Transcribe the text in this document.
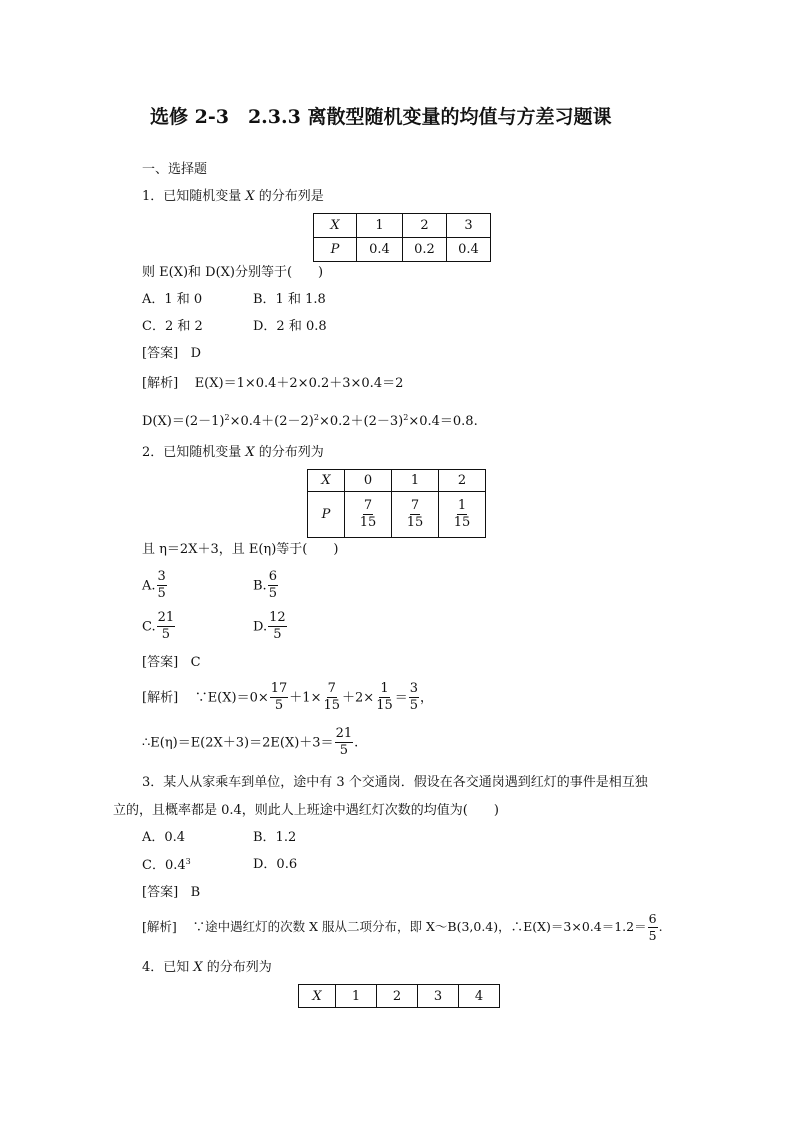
选修 2-3　2.3.3 离散型随机变量的均值与方差习题课
一、选择题
1．已知随机变量 X 的分布列是
X	1	2	3
P	0.4	0.2	0.4
则 E(X)和 D(X)分别等于(　　)
A．1 和 0	B．1 和 1.8
C．2 和 2	D．2 和 0.8
[答案] D
[解析] E(X)＝1×0.4＋2×0.2＋3×0.4＝2
$D(X)=(2-1)^2\times 0.4+(2-2)^2\times 0.2+(2-3)^2\times 0.4=0.8$.
2．已知随机变量 X 的分布列为
X	0	1	2
P	$\frac{7}{15}$	$\frac{7}{15}$	$\frac{1}{15}$
且 η＝2X＋3，且 E(η)等于(　　)
A. $\frac{3}{5}$	B. $\frac{6}{5}$
C. $\frac{21}{5}$	D. $\frac{12}{5}$
[答案] C
[解析] ∵E(X)＝0× $\frac{17}{5} +1\times \frac{7}{15} +2\times \frac{1}{15} = \frac{3}{5}$ ，
∴E(η)＝E(2X＋3)＝2E(X)＋3＝ $\frac{21}{5}$ .
3．某人从家乘车到单位，途中有 3 个交通岗．假设在各交通岗遇到红灯的事件是相互独
立的，且概率都是 0.4，则此人上班途中遇红灯次数的均值为(　　)
A．0.4	B．1.2
C．$0.4^3$	D．0.6
[答案] B
[解析] ∵途中遇红灯的次数 X 服从二项分布，即 X～B(3,0.4)，∴E(X)＝3×0.4＝1.2＝ $\frac{6}{5}$ .
4．已知 X 的分布列为
X	1	2	3	4
